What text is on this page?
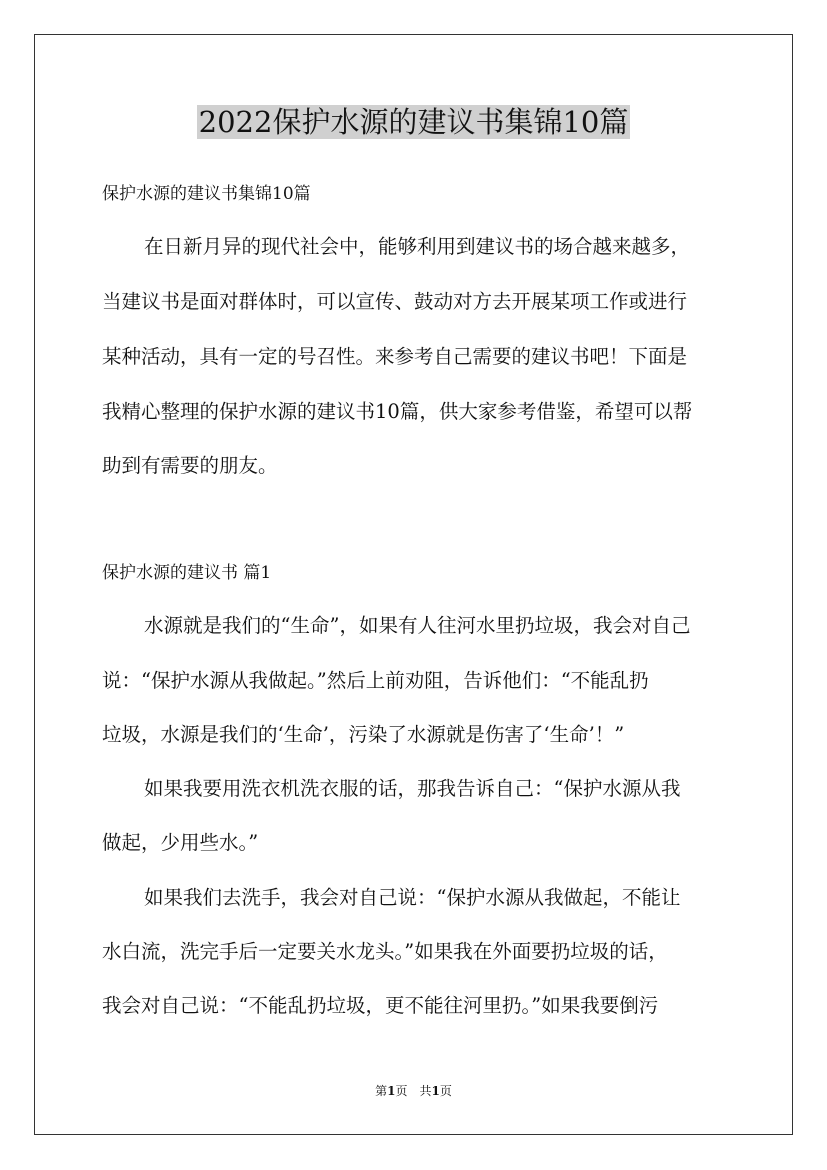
2022保护水源的建议书集锦10篇

保护水源的建议书集锦10篇

在日新月异的现代社会中，能够利用到建议书的场合越来越多，

当建议书是面对群体时，可以宣传、鼓动对方去开展某项工作或进行

某种活动，具有一定的号召性。来参考自己需要的建议书吧！下面是

我精心整理的保护水源的建议书10篇，供大家参考借鉴，希望可以帮

助到有需要的朋友。

保护水源的建议书 篇1

水源就是我们的“生命”，如果有人往河水里扔垃圾，我会对自己

说：“保护水源从我做起。”然后上前劝阻，告诉他们：“不能乱扔

垃圾，水源是我们的‘生命’，污染了水源就是伤害了‘生命’！”

如果我要用洗衣机洗衣服的话，那我告诉自己：“保护水源从我

做起，少用些水。”

如果我们去洗手，我会对自己说：“保护水源从我做起，不能让

水白流，洗完手后一定要关水龙头。”如果我在外面要扔垃圾的话，

我会对自己说：“不能乱扔垃圾，更不能往河里扔。”如果我要倒污

第1页　共1页
